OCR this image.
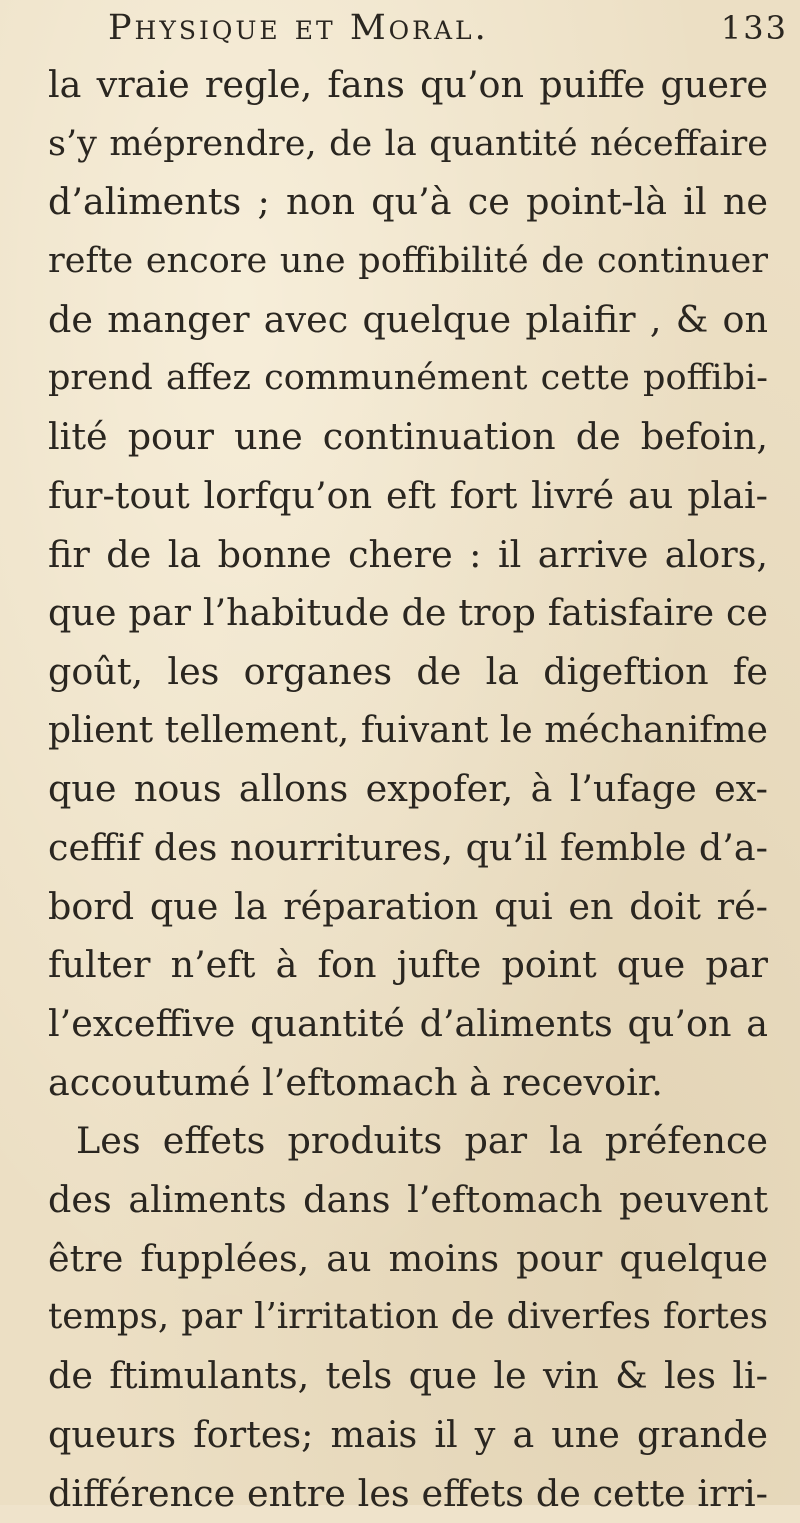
Physique et Moral.	133
la vraie regle, fans qu’on puiffe guere
s’y méprendre, de la quantité néceffaire
d’aliments ; non qu’à ce point-là il ne
refte encore une poffibilité de continuer
de manger avec quelque plaifir , & on
prend affez communément cette poffibi-
lité pour une continuation de befoin,
fur-tout lorfqu’on eft fort livré au plai-
fir de la bonne chere : il arrive alors,
que par l’habitude de trop fatisfaire ce
goût, les organes de la digeftion fe
plient tellement, fuivant le méchanifme
que nous allons expofer, à l’ufage ex-
ceffif des nourritures, qu’il femble d’a-
bord que la réparation qui en doit ré-
fulter n’eft à fon jufte point que par
l’exceffive quantité d’aliments qu’on a
accoutumé l’eftomach à recevoir.
Les effets produits par la préfence
des aliments dans l’eftomach peuvent
être fupplées, au moins pour quelque
temps, par l’irritation de diverfes fortes
de ftimulants, tels que le vin & les li-
queurs fortes; mais il y a une grande
différence entre les effets de cette irri-
